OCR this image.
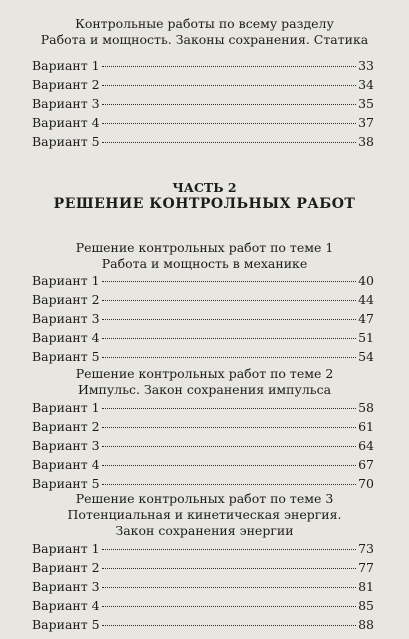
Контрольные работы по всему разделу
Работа и мощность. Законы сохранения. Статика
Вариант 1	33
Вариант 2	34
Вариант 3	35
Вариант 4	37
Вариант 5	38
ЧАСТЬ 2
РЕШЕНИЕ КОНТРОЛЬНЫХ РАБОТ
Решение контрольных работ по теме 1
Работа и мощность в механике
Вариант 1	40
Вариант 2	44
Вариант 3	47
Вариант 4	51
Вариант 5	54
Решение контрольных работ по теме 2
Импульс. Закон сохранения импульса
Вариант 1	58
Вариант 2	61
Вариант 3	64
Вариант 4	67
Вариант 5	70
Решение контрольных работ по теме 3
Потенциальная и кинетическая энергия.
Закон сохранения энергии
Вариант 1	73
Вариант 2	77
Вариант 3	81
Вариант 4	85
Вариант 5	88
